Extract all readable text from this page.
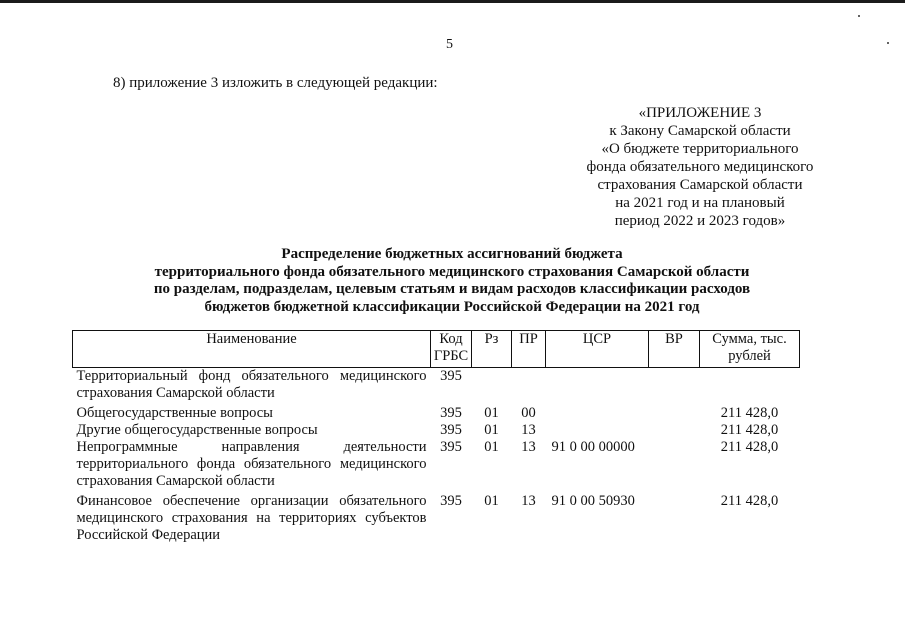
5
8) приложение 3 изложить в следующей редакции:
«ПРИЛОЖЕНИЕ 3
к Закону Самарской области
«О бюджете территориального
фонда обязательного медицинского
страхования Самарской области
на 2021 год и на плановый
период 2022 и 2023 годов»
Распределение бюджетных ассигнований бюджета
территориального фонда обязательного медицинского страхования Самарской области
по разделам, подразделам, целевым статьям и видам расходов классификации расходов
бюджетов бюджетной классификации Российской Федерации на 2021 год
Наименование	Код ГРБС	Рз	ПР	ЦСР	ВР	Сумма, тыс. рублей
Территориальный фонд обязательного медицинского страхования Самарской области	395					
Общегосударственные вопросы	395	01	00			211 428,0
Другие общегосударственные вопросы	395	01	13			211 428,0
Непрограммные направления деятельности территориального фонда обязательного медицинского страхования Самарской области	395	01	13	91 0 00 00000		211 428,0
Финансовое обеспечение организации обязательного медицинского страхования на территориях субъектов Российской Федерации	395	01	13	91 0 00 50930		211 428,0
